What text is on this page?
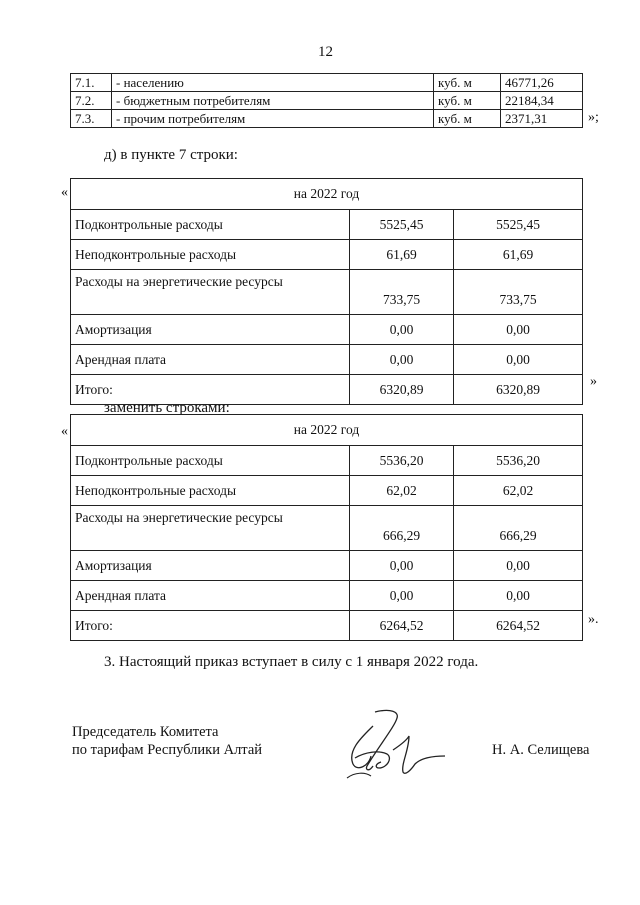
12
7.1.	- населению	куб. м	46771,26
7.2.	- бюджетным потребителям	куб. м	22184,34
7.3.	- прочим потребителям	куб. м	2371,31	»;
д) в пункте 7 строки:
«	на 2022 год		
Подконтрольные расходы	5525,45	5525,45
Неподконтрольные расходы	61,69	61,69
Расходы на энергетические ресурсы	733,75	733,75
Амортизация	0,00	0,00
Арендная плата	0,00	0,00
Итого:	6320,89	6320,89	»
заменить строками:
«	на 2022 год		
Подконтрольные расходы	5536,20	5536,20
Неподконтрольные расходы	62,02	62,02
Расходы на энергетические ресурсы	666,29	666,29
Амортизация	0,00	0,00
Арендная плата	0,00	0,00
Итого:	6264,52	6264,52	».
3. Настоящий приказ вступает в силу с 1 января 2022 года.
Председатель Комитета
по тарифам Республики Алтай	Н. А. Селищева
